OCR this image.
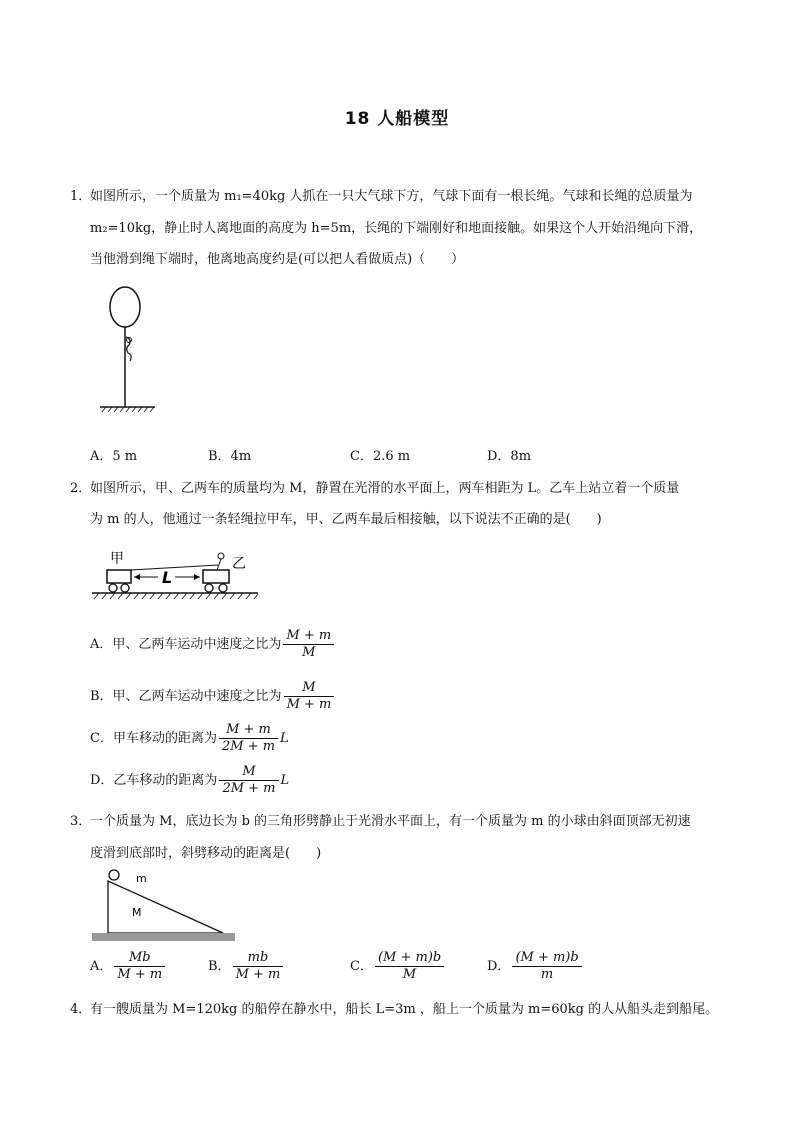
18 人船模型
1．
如图所示，一个质量为 m₁=40kg 人抓在一只大气球下方，气球下面有一根长绳。气球和长绳的总质量为
m₂=10kg，静止时人离地面的高度为 h=5m，长绳的下端刚好和地面接触。如果这个人开始沿绳向下滑，
当他滑到绳下端时，他离地高度约是(可以把人看做质点)（　　）
A．5 m	B．4m	C．2.6 m	D．8m
2．
如图所示，甲、乙两车的质量均为 M，静置在光滑的水平面上，两车相距为 L。乙车上站立着一个质量
为 m 的人，他通过一条轻绳拉甲车，甲、乙两车最后相接触，以下说法不正确的是(　　)
甲	乙
L
A．甲、乙两车运动中速度之比为 $\frac{M + m}{M}$
B．甲、乙两车运动中速度之比为 $\frac{M}{M + m}$
C．甲车移动的距离为 $\frac{M + m}{2M + m}$ L
D．乙车移动的距离为 $\frac{M}{2M + m}$ L
3．
一个质量为 M，底边长为 b 的三角形劈静止于光滑水平面上，有一个质量为 m 的小球由斜面顶部无初速
度滑到底部时，斜劈移动的距离是(　　)
m
M
A． $\frac{Mb}{M + m}$	B． $\frac{mb}{M + m}$	C． $\frac{(M + m)b}{M}$	D． $\frac{(M + m)b}{m}$
4．
有一艘质量为 M=120kg 的船停在静水中，船长 L=3m ，船上一个质量为 m=60kg 的人从船头走到船尾。
